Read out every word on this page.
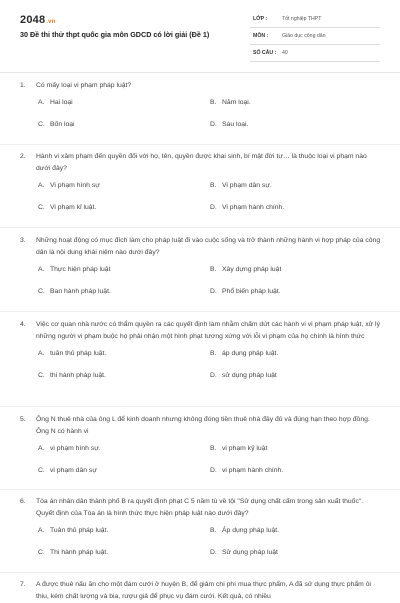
2048.vn
30 Đề thi thử thpt quốc gia môn GDCD có lời giải (Đề 1)
LỚP :	Tốt nghiệp THPT
MÔN :	Giáo dục công dân
SỐ CÂU : 40
1.	Có mấy loại vi phạm pháp luật?
A. Hai loại	B. Năm loại.
C. Bốn loại	D. Sáu loại.
2.	Hành vi xâm phạm đến quyền đối với họ, tên, quyền được khai sinh, bí mật đời tư… là thuộc loại vi phạm nào dưới đây?
A. Vi phạm hình sự	B. Vi phạm dân sự.
C. Vi phạm kỉ luật.	D. Vi phạm hành chính.
3.	Những hoạt động có mục đích làm cho pháp luật đi vào cuộc sống và trở thành những hành vi hợp pháp của công dân là nội dung khái niệm nào dưới đây?
A. Thực hiện pháp luật	B. Xây dựng pháp luật
C. Ban hành pháp luật.	D. Phổ biến pháp luật.
4.	Việc cơ quan nhà nước có thẩm quyền ra các quyết định làm nhằm chấm dứt các hành vi vi phạm pháp luật, xử lý những người vi phạm buộc họ phải nhận một hình phạt tương xứng với lỗi vi phạm của họ chính là hình thức
A. tuân thủ pháp luật.	B. áp dụng pháp luật.
C. thi hành pháp luật.	D. sử dụng pháp luật
5.	Ông N thuê nhà của ông L để kinh doanh nhưng không đóng tiền thuê nhà đầy đủ và đúng hạn theo hợp đồng. Ông N có hành vi
A. vi phạm hình sự.	B. vi phạm kỷ luật
C. vi phạm dân sự	D. vi phạm hành chính.
6.	Tòa án nhân dân thành phố B ra quyết định phạt C 5 năm tù về tội "Sử dụng chất cấm trong sản xuất thuốc". Quyết định của Tòa án là hình thức thực hiện pháp luật nào dưới đây?
A. Tuân thủ pháp luật.	B. Áp dụng pháp luật.
C. Thi hành pháp luật.	D. Sử dụng pháp luật
7.	A được thuê nấu ăn cho một đám cưới ở huyện B, để giảm chi phí mua thực phẩm, A đã sử dụng thực phẩm ôi thiu, kém chất lượng và bia, rượu giả để phục vụ đám cưới. Kết quả, có nhiều
